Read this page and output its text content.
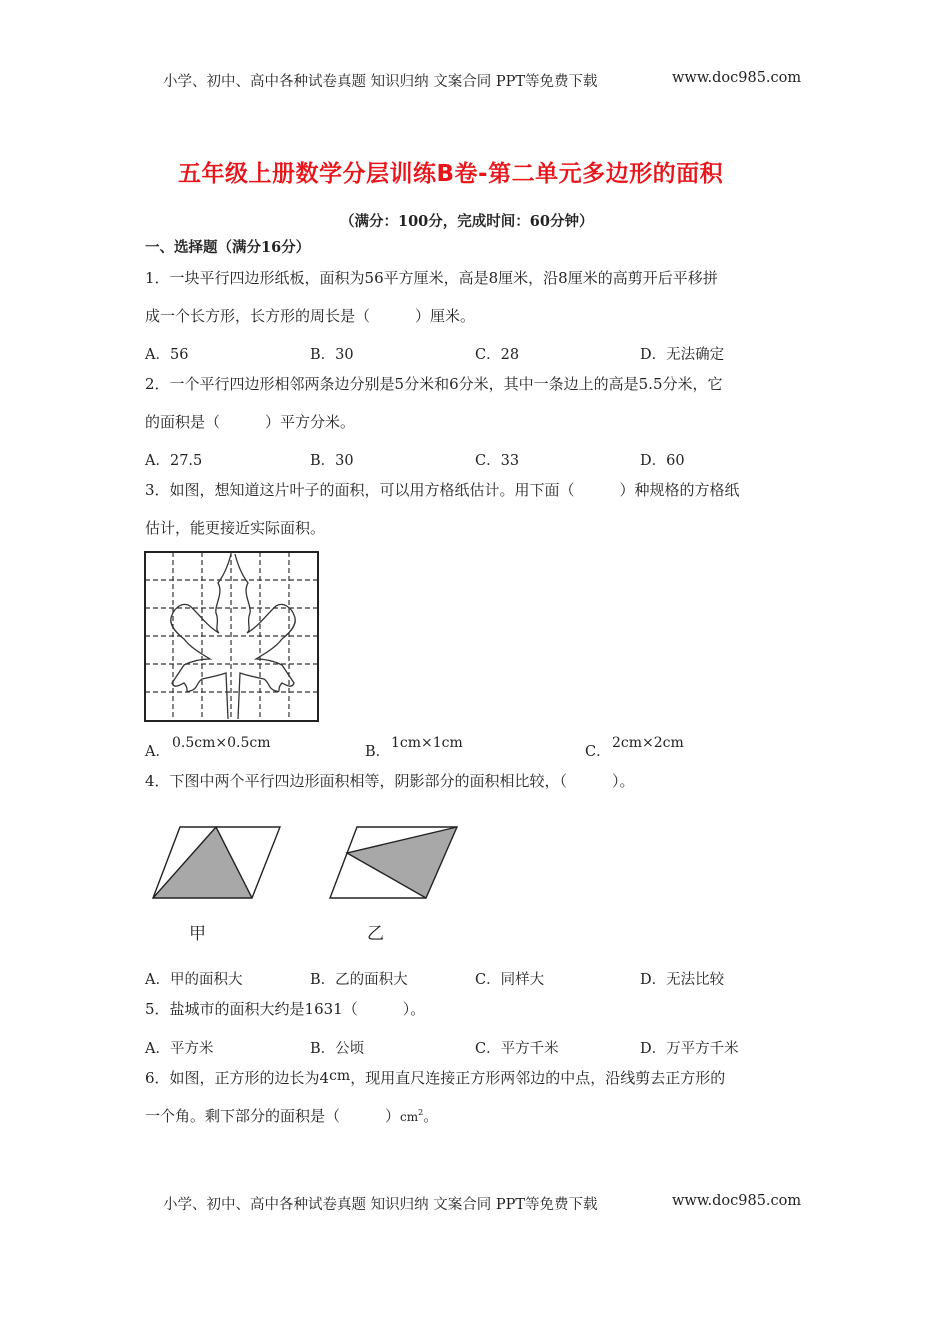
小学、初中、高中各种试卷真题 知识归纳 文案合同 PPT等免费下载	www.doc985.com
五年级上册数学分层训练B卷-第二单元多边形的面积
（满分：100分，完成时间：60分钟）
一、选择题（满分16分）
1．一块平行四边形纸板，面积为56平方厘米，高是8厘米，沿8厘米的高剪开后平移拼
成一个长方形，长方形的周长是（　　　）厘米。
A．56	B．30	C．28	D．无法确定
2．一个平行四边形相邻两条边分别是5分米和6分米，其中一条边上的高是5.5分米，它
的面积是（　　　）平方分米。
A．27.5	B．30	C．33	D．60
3．如图，想知道这片叶子的面积，可以用方格纸估计。用下面（　　　）种规格的方格纸
估计，能更接近实际面积。
A．
0.5cm×0.5cm
B．
1cm×1cm
C．
2cm×2cm
4．下图中两个平行四边形面积相等，阴影部分的面积相比较，（　　　）。
甲	乙
A．甲的面积大	B．乙的面积大	C．同样大	D．无法比较
5．盐城市的面积大约是1631（　　　）。
A．平方米	B．公顷	C．平方千米	D．万平方千米
6．如图，正方形的边长为4cm，现用直尺连接正方形两邻边的中点，沿线剪去正方形的
一个角。剩下部分的面积是（　　　）$cm^2$。
小学、初中、高中各种试卷真题 知识归纳 文案合同 PPT等免费下载	www.doc985.com
